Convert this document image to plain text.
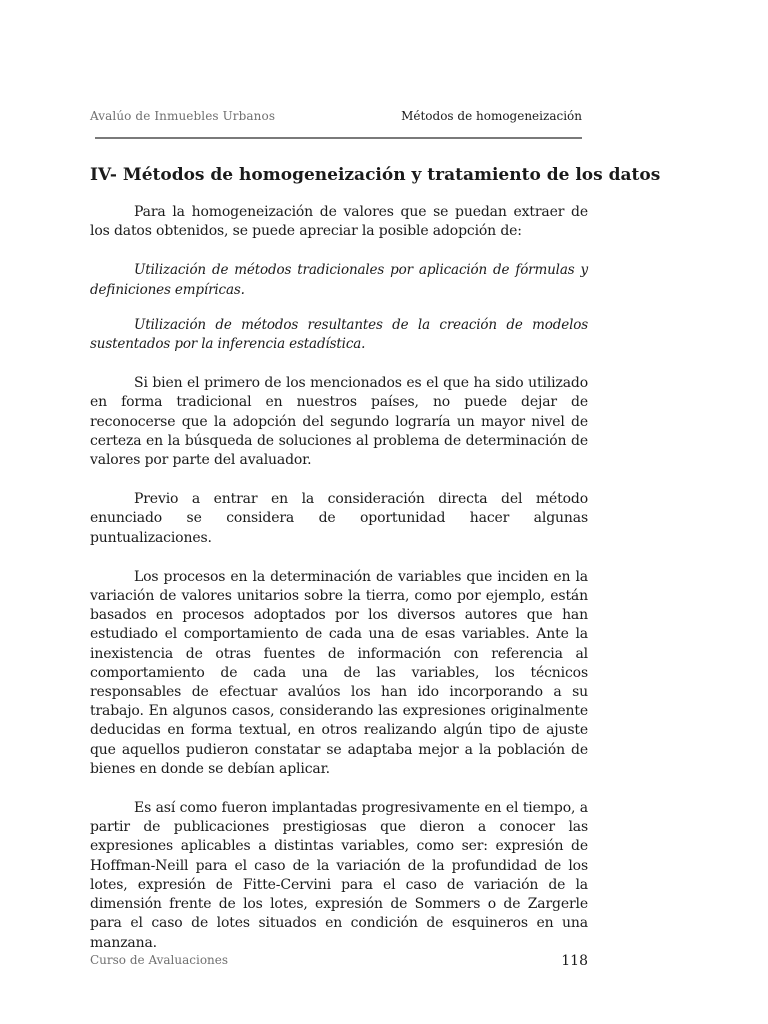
Avalúo de Inmuebles Urbanos	Métodos de homogeneización
IV- Métodos de homogeneización y tratamiento de los datos

Para la homogeneización de valores que se puedan extraer de los datos obtenidos, se puede apreciar la posible adopción de:

Utilización de métodos tradicionales por aplicación de fórmulas y definiciones empíricas.

Utilización de métodos resultantes de la creación de modelos sustentados por la inferencia estadística.

Si bien el primero de los mencionados es el que ha sido utilizado en forma tradicional en nuestros países, no puede dejar de reconocerse que la adopción del segundo lograría un mayor nivel de certeza en la búsqueda de soluciones al problema de determinación de valores por parte del avaluador.

Previo a entrar en la consideración directa del método enunciado se considera de oportunidad hacer algunas puntualizaciones.

Los procesos en la determinación de variables que inciden en la variación de valores unitarios sobre la tierra, como por ejemplo, están basados en procesos adoptados por los diversos autores que han estudiado el comportamiento de cada una de esas variables. Ante la inexistencia de otras fuentes de información con referencia al comportamiento de cada una de las variables, los técnicos responsables de efectuar avalúos los han ido incorporando a su trabajo. En algunos casos, considerando las expresiones originalmente deducidas en forma textual, en otros realizando algún tipo de ajuste que aquellos pudieron constatar se adaptaba mejor a la población de bienes en donde se debían aplicar.

Es así como fueron implantadas progresivamente en el tiempo, a partir de publicaciones prestigiosas que dieron a conocer las expresiones aplicables a distintas variables, como ser: expresión de Hoffman-Neill para el caso de la variación de la profundidad de los lotes, expresión de Fitte-Cervini para el caso de variación de la dimensión frente de los lotes, expresión de Sommers o de Zargerle para el caso de lotes situados en condición de esquineros en una manzana.

Curso de Avaluaciones	118
